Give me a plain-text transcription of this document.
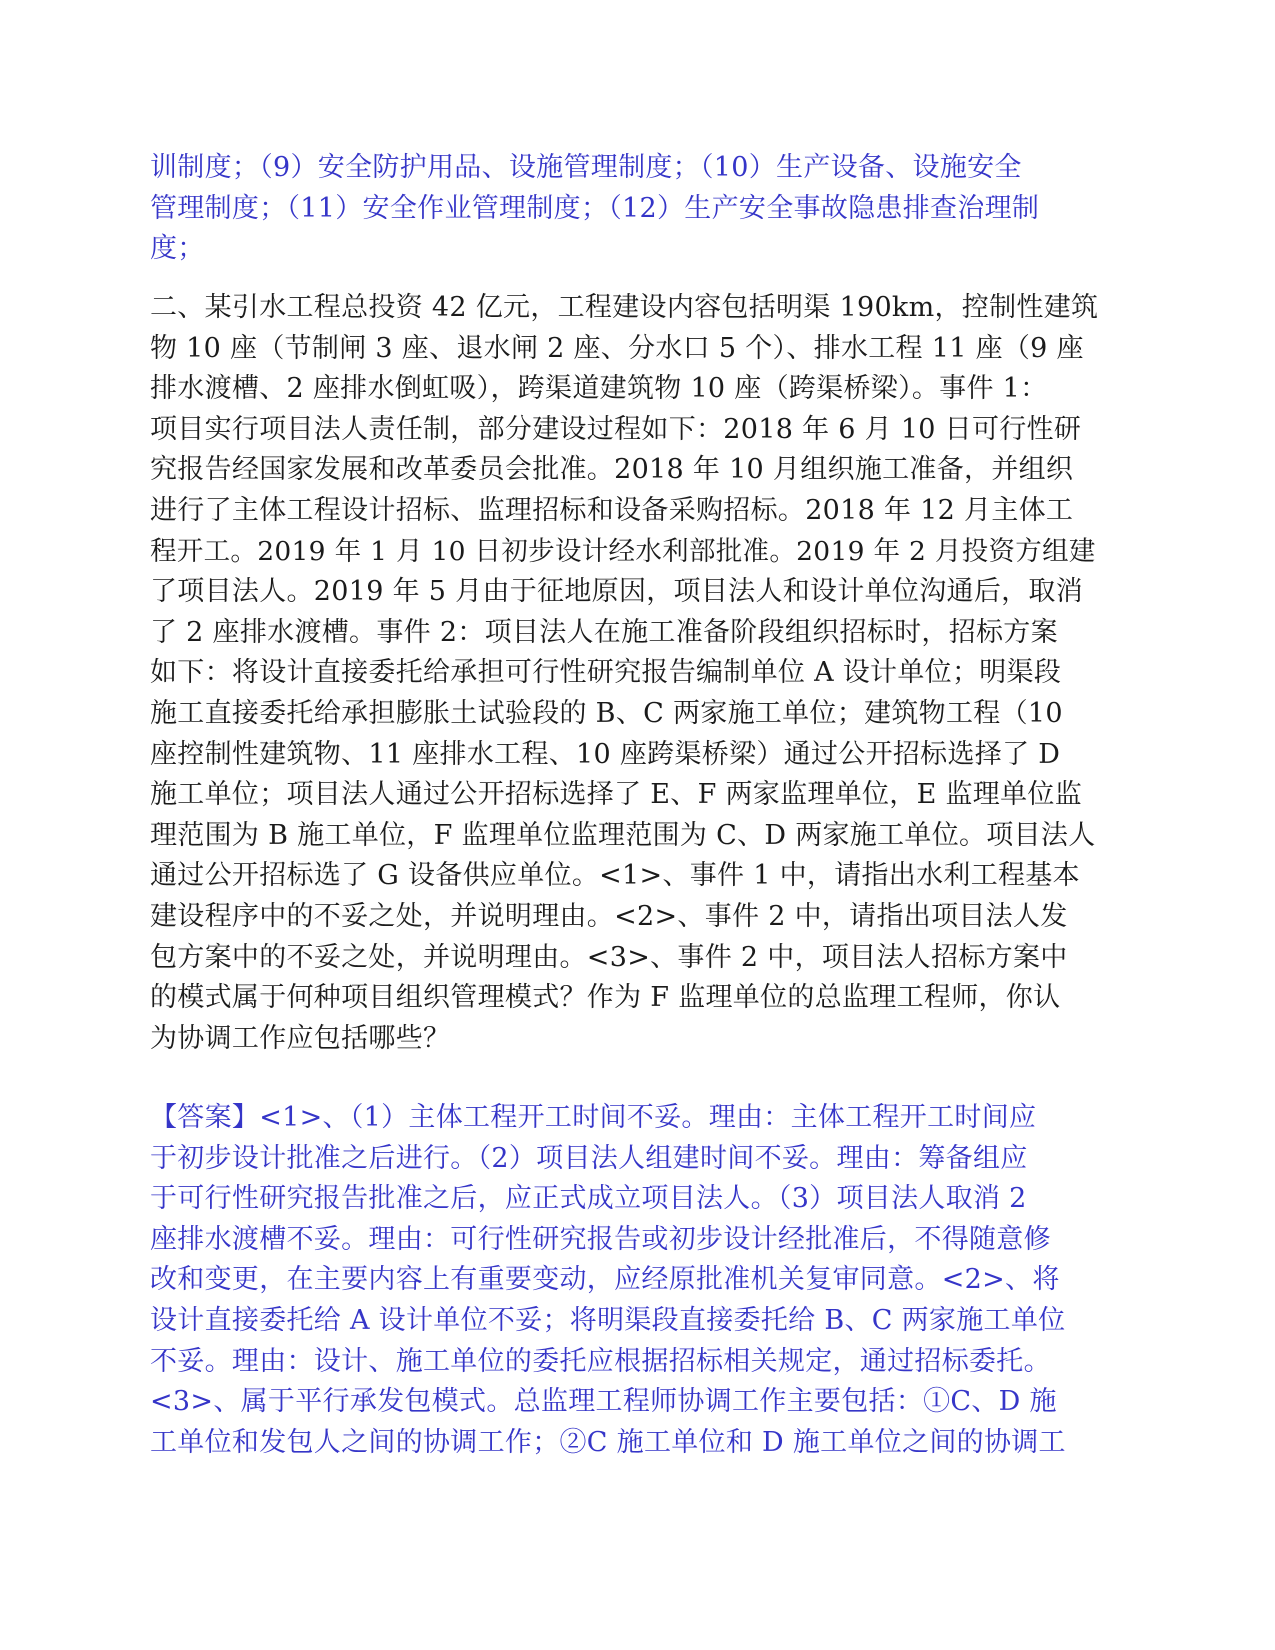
训制度；（9）安全防护用品、设施管理制度；（10）生产设备、设施安全
管理制度；（11）安全作业管理制度；（12）生产安全事故隐患排查治理制
度；
二、某引水工程总投资 42 亿元，工程建设内容包括明渠 190km，控制性建筑
物 10 座（节制闸 3 座、退水闸 2 座、分水口 5 个）、排水工程 11 座（9 座
排水渡槽、2 座排水倒虹吸），跨渠道建筑物 10 座（跨渠桥梁）。事件 1：
项目实行项目法人责任制，部分建设过程如下：2018 年 6 月 10 日可行性研
究报告经国家发展和改革委员会批准。2018 年 10 月组织施工准备，并组织
进行了主体工程设计招标、监理招标和设备采购招标。2018 年 12 月主体工
程开工。2019 年 1 月 10 日初步设计经水利部批准。2019 年 2 月投资方组建
了项目法人。2019 年 5 月由于征地原因，项目法人和设计单位沟通后，取消
了 2 座排水渡槽。事件 2：项目法人在施工准备阶段组织招标时，招标方案
如下：将设计直接委托给承担可行性研究报告编制单位 A 设计单位；明渠段
施工直接委托给承担膨胀土试验段的 B、C 两家施工单位；建筑物工程（10
座控制性建筑物、11 座排水工程、10 座跨渠桥梁）通过公开招标选择了 D
施工单位；项目法人通过公开招标选择了 E、F 两家监理单位，E 监理单位监
理范围为 B 施工单位，F 监理单位监理范围为 C、D 两家施工单位。项目法人
通过公开招标选了 G 设备供应单位。<1>、事件 1 中，请指出水利工程基本
建设程序中的不妥之处，并说明理由。<2>、事件 2 中，请指出项目法人发
包方案中的不妥之处，并说明理由。<3>、事件 2 中，项目法人招标方案中
的模式属于何种项目组织管理模式？作为 F 监理单位的总监理工程师，你认
为协调工作应包括哪些？
【答案】<1>、（1）主体工程开工时间不妥。理由：主体工程开工时间应
于初步设计批准之后进行。（2）项目法人组建时间不妥。理由：筹备组应
于可行性研究报告批准之后，应正式成立项目法人。（3）项目法人取消 2
座排水渡槽不妥。理由：可行性研究报告或初步设计经批准后，不得随意修
改和变更，在主要内容上有重要变动，应经原批准机关复审同意。<2>、将
设计直接委托给 A 设计单位不妥；将明渠段直接委托给 B、C 两家施工单位
不妥。理由：设计、施工单位的委托应根据招标相关规定，通过招标委托。
<3>、属于平行承发包模式。总监理工程师协调工作主要包括：①C、D 施
工单位和发包人之间的协调工作；②C 施工单位和 D 施工单位之间的协调工
